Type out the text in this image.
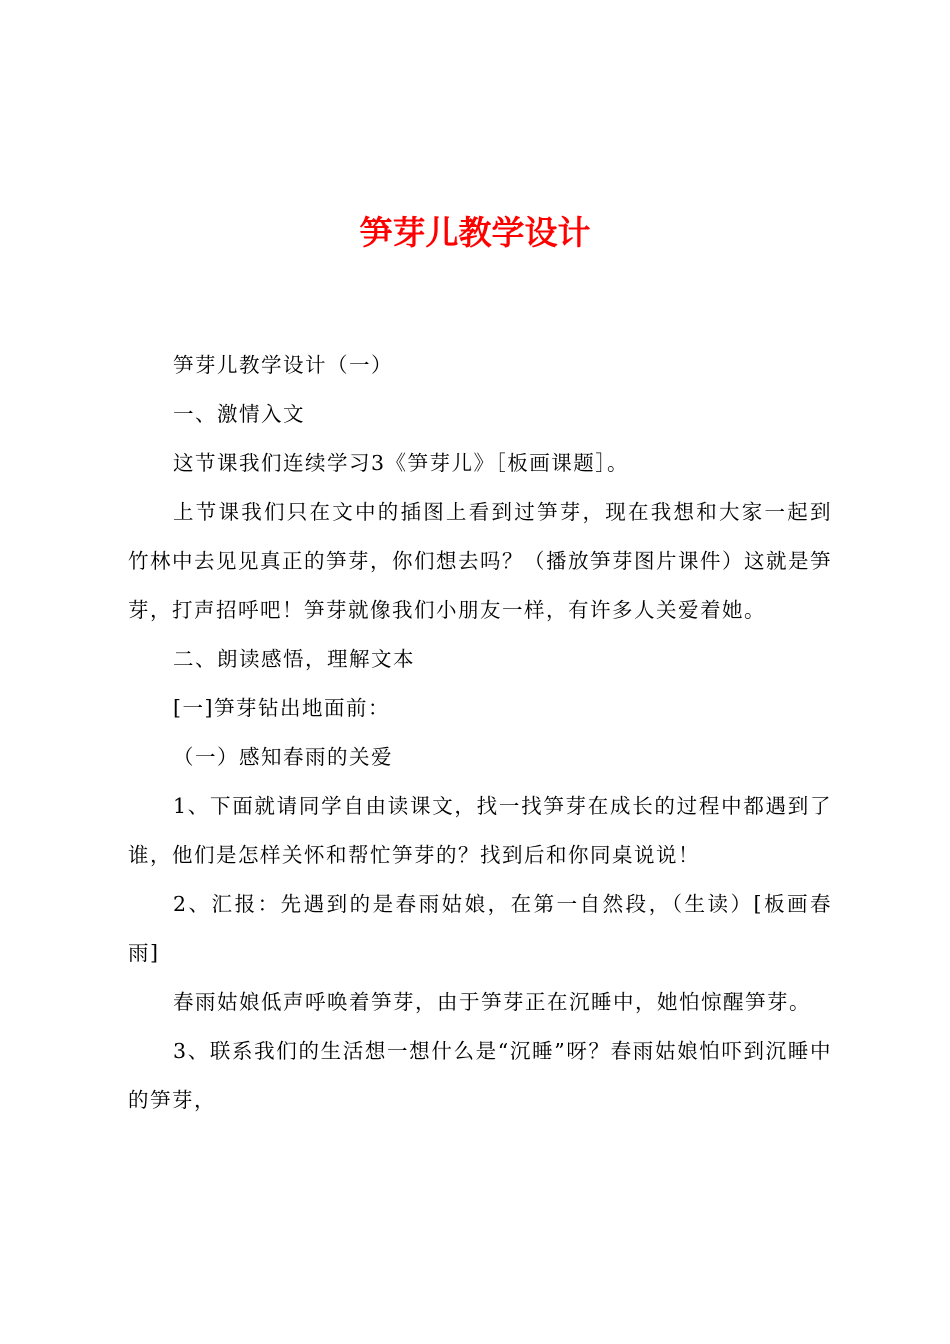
笋芽儿教学设计

笋芽儿教学设计（一）

一、激情入文

这节课我们连续学习3《笋芽儿》［板画课题］。

上节课我们只在文中的插图上看到过笋芽，现在我想和大家一起到竹林中去见见真正的笋芽，你们想去吗？（播放笋芽图片课件）这就是笋芽，打声招呼吧！笋芽就像我们小朋友一样，有许多人关爱着她。

二、朗读感悟，理解文本

[一]笋芽钻出地面前：

（一）感知春雨的关爱

1、下面就请同学自由读课文，找一找笋芽在成长的过程中都遇到了谁，他们是怎样关怀和帮忙笋芽的？找到后和你同桌说说！

2、汇报：先遇到的是春雨姑娘，在第一自然段，（生读）[板画春雨]

春雨姑娘低声呼唤着笋芽，由于笋芽正在沉睡中，她怕惊醒笋芽。

3、联系我们的生活想一想什么是“沉睡”呀？春雨姑娘怕吓到沉睡中的笋芽，
